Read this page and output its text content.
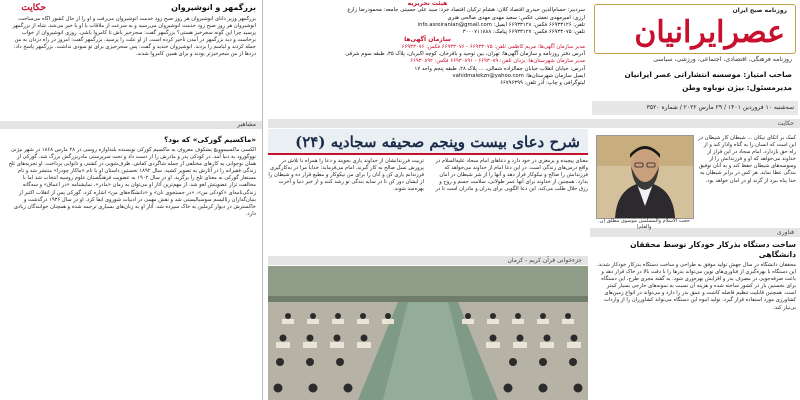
روزنامه صبح ایران
عصرایرانیان
روزنامه فرهنگی، اقتصادی، اجتماعی، ورزشی، سیاسی
صاحب امتیاز: موسسه انتشاراتی عصر ایرانیان
مدیرمسئول: بیژن نوباوه وطن
سه‌شنبه ۱۰ فروردین ۱۴۰۱ / ۲۹ مارس ۲۰۲۲ / شماره ۳۵۲۰
هیئت تحریریه
سردبیر: حسام‌الدین حیدری اقتصاد کلان: هشام ترکیان اقتصاد خرد: سید علی حسینی جامعه: محمودرضا زارع
ارزی: امیرمهدی نعمتی عکس: سعید مهدی مهدی صالحی هنری
تلفن: ۶۶۹۳۳۱۲۶ فکس: ۶۶۹۳۳۱۲۸ ایمیل: info.asreiranian@gmail.com
تلفن: ۶۶۹۳۳۰۷۵ فکس: ۶۶۹۳۳۱۲۷ پیامک: ۳۰۰۰۷۱۱۸۸۸
سازمان آگهی‌ها
مدیر سازمان آگهی‌ها: مریم کاظمی تلفن: ۶۶۹۳۳۰۷۵ - ۶۶۹۳۳۰۷۶ فکس: ۶۶۹۳۳۰۷۶
آدرس دفتر روزنامه و سازمان آگهی‌ها: تهران، بین توحید و باقرخان، کوچه اکبریان، پلاک ۳۵، طبقه سوم شرقی
مدیر سازمان شهرستان‌ها: یزدان تلفن: ۶۶۹۳۰۸۹ - ۶۶۹۳۰۸۹۱ فکس: ۶۶۹۳۰۸۹۲
آدرس: خیابان انقلاب خیابان جمالزاده شمالی، ... پلاک ۲۸، طبقه پنجم واحد ۱۷
ایمیل سازمان شهرستان‌ها: vahidmalekzn@yahoo.com
لیتوگرافی و چاپ: آذر تلفن: ۶۶۷۹۶۳۹۹
حکایت	بزرگمهر و انوشیروان
بزرگمهر وزیر دانای انوشیروان هر روز صبح زود خدمت انوشیروان می‌رفت و او را از حال کشور آگاه می‌ساخت. انوشیروان هر روز صبح زود خدمت انوشیروان می‌رسید و به سرعت از ملاقات با او با خبر می‌شد. شاه از بزرگمهر پرسید چرا این گونه سحرخیز هستی؟ بزرگمهر گفت: سحرخیز باش تا کامروا باشی. روزی انوشیروان از خواب برخاست و دید بزرگمهر در آمدن تأخیر کرده است. از او علت را پرسید. بزرگمهر گفت: امروز در راه دزدان به من حمله کردند و لباسم را بردند. انوشیروان خندید و گفت: پس سحرخیزی برای تو سودی نداشت. بزرگمهر پاسخ داد: دزدها از من سحرخیزتر بودند و برای همین کامروا شدند.
مشاهیر
«ماکسیم گورکی» که بود؟
الکسی ماکسیموویچ پشکوف معروف به ماکسیم گورکی نویسنده بلندآوازه روسی در ۲۸ مارس ۱۸۶۸ در شهر نیژنی نووگورود به دنیا آمد. در کودکی پدر و مادرش را از دست داد و تحت سرپرستی مادربزرگش بزرگ شد. گورکی از همان نوجوانی به کارهای مختلفی از جمله شاگردی کفاش، ظرف‌شویی در کشتی و نانوایی پرداخت. او تجربه‌های تلخ زندگی فقیرانه را در آثارش به تصویر کشید. سال ۱۸۹۲ نخستین داستان او با نام «ماکار چودرا» منتشر شد و نام مستعار گورکی به معنای تلخ را برگزید. او در سال ۱۹۰۲ به عضویت فرهنگستان علوم روسیه انتخاب شد اما با مخالفت تزار عضویتش لغو شد. از مهم‌ترین آثار او می‌توان به رمان «مادر»، نمایشنامه «در اعماق» و سه‌گانه زندگی‌نامه‌ای «کودکی من»، «در جستجوی نان» و «دانشگاه‌های من» اشاره کرد. گورکی پس از انقلاب اکتبر از بنیان‌گذاران رئالیسم سوسیالیستی شد و نقش مهمی در ادبیات شوروی ایفا کرد. او در سال ۱۹۳۶ درگذشت و خاکسترش در دیوار کرملین به خاک سپرده شد. آثار او به زبان‌های بسیاری ترجمه شده و همچنان خوانندگان زیادی دارد.
حکایت
جزءخوانی قرآن کریم - کرمان
فناوری
شرح دعای بیست وپنجم صحیفه سجادیه (۲۴)
معنای پیچیده و پرمغزی در خود دارد و دعاهای امام سجاد علیه‌السلام در واقع درس‌های زندگی است. در این دعا امام از خداوند می‌خواهد که فرزندانش را صالح و نیکوکار قرار دهد و آنها را از شر شیطان در امان بدارد. همچنین از خداوند برای آنها عمر طولانی، سلامت جسم و روح و رزق حلال طلب می‌کند. این دعا الگویی برای پدران و مادران است تا در تربیت فرزندانشان از خداوند یاری بجویند و دعا را همراه با تلاش در پرورش نسل صالح به کار گیرند. امام می‌فرماید: خدایا مرا در به‌کارگیری فرزندانم یاری کن و آنان را برای من نیکوکار و مطیع قرار ده و شیطان را از ایشان دور کن تا در سایه بندگی تو رشد کنند و از خیر دنیا و آخرت بهره‌مند شوند.
حجت الاسلام والمسلمین موسوی مطلق (ن. والقلم)
کمک بر اتکای نیکان ... شیطان کار شیطان در این است که انسان را به گناه وادار کند و از راه حق بازدارد. امام سجاد در این فراز از خداوند می‌خواهد که او و فرزندانش را از وسوسه‌های شیطان حفظ کند و به آنان توفیق بندگی عطا نماید. هر کس در برابر شیطان به خدا پناه ببرد از گزند او در امان خواهد بود.
ساخت دستگاه بذرکار خودکار توسط محققان دانشگاهی
محققان دانشگاه در سال جهش تولید موفق به طراحی و ساخت دستگاه بذرکار خودکار شدند. این دستگاه با بهره‌گیری از فناوری‌های نوین می‌تواند بذرها را با دقت بالا در خاک قرار دهد و باعث صرفه‌جویی در مصرف بذر و افزایش بهره‌وری شود. به گفته مجری طرح، این دستگاه برای نخستین بار در کشور ساخته شده و هزینه آن نسبت به نمونه‌های خارجی بسیار کمتر است. همچنین قابلیت تنظیم فاصله کاشت و عمق بذر را دارد و می‌تواند در انواع زمین‌های کشاورزی مورد استفاده قرار گیرد. تولید انبوه این دستگاه می‌تواند کشاورزان را از واردات بی‌نیاز کند.
